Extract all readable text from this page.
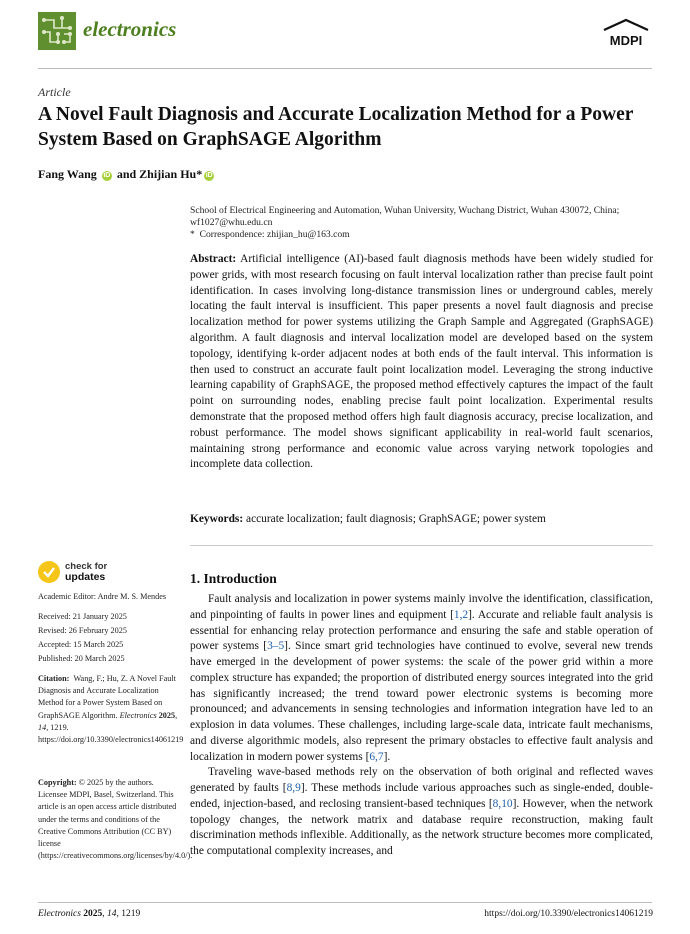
electronics	MDPI
Article
A Novel Fault Diagnosis and Accurate Localization Method for a Power System Based on GraphSAGE Algorithm
Fang Wang iD and Zhijian Hu* iD
School of Electrical Engineering and Automation, Wuhan University, Wuchang District, Wuhan 430072, China;
wf1027@whu.edu.cn
* Correspondence: zhijian_hu@163.com
Abstract: Artificial intelligence (AI)-based fault diagnosis methods have been widely studied for power grids, with most research focusing on fault interval localization rather than precise fault point identification. In cases involving long-distance transmission lines or underground cables, merely locating the fault interval is insufficient. This paper presents a novel fault diagnosis and precise localization method for power systems utilizing the Graph Sample and Aggregated (GraphSAGE) algorithm. A fault diagnosis and interval localization model are developed based on the system topology, identifying k-order adjacent nodes at both ends of the fault interval. This information is then used to construct an accurate fault point localization model. Leveraging the strong inductive learning capability of GraphSAGE, the proposed method effectively captures the impact of the fault point on surrounding nodes, enabling precise fault point localization. Experimental results demonstrate that the proposed method offers high fault diagnosis accuracy, precise localization, and robust performance. The model shows significant applicability in real-world fault scenarios, maintaining strong performance and economic value across varying network topologies and incomplete data collection.
Keywords: accurate localization; fault diagnosis; GraphSAGE; power system
check for
updates
Academic Editor: Andre M. S. Mendes
Received: 21 January 2025
Revised: 26 February 2025
Accepted: 15 March 2025
Published: 20 March 2025
Citation: Wang, F.; Hu, Z. A Novel Fault Diagnosis and Accurate Localization Method for a Power System Based on GraphSAGE Algorithm. Electronics 2025, 14, 1219. https://doi.org/10.3390/electronics14061219
Copyright: © 2025 by the authors. Licensee MDPI, Basel, Switzerland. This article is an open access article distributed under the terms and conditions of the Creative Commons Attribution (CC BY) license (https://creativecommons.org/licenses/by/4.0/).
1. Introduction

Fault analysis and localization in power systems mainly involve the identification, classification, and pinpointing of faults in power lines and equipment [1,2]. Accurate and reliable fault analysis is essential for enhancing relay protection performance and ensuring the safe and stable operation of power systems [3–5]. Since smart grid technologies have continued to evolve, several new trends have emerged in the development of power systems: the scale of the power grid within a more complex structure has expanded; the proportion of distributed energy sources integrated into the grid has significantly increased; the trend toward power electronic systems is becoming more pronounced; and advancements in sensing technologies and information integration have led to an explosion in data volumes. These challenges, including large-scale data, intricate fault mechanisms, and diverse algorithmic models, also represent the primary obstacles to effective fault analysis and localization in modern power systems [6,7].

Traveling wave-based methods rely on the observation of both original and reflected waves generated by faults [8,9]. These methods include various approaches such as single-ended, double-ended, injection-based, and reclosing transient-based techniques [8,10]. However, when the network topology changes, the network matrix and database require reconstruction, making fault discrimination methods inflexible. Additionally, as the network structure becomes more complicated, the computational complexity increases, and

Electronics 2025, 14, 1219	https://doi.org/10.3390/electronics14061219
